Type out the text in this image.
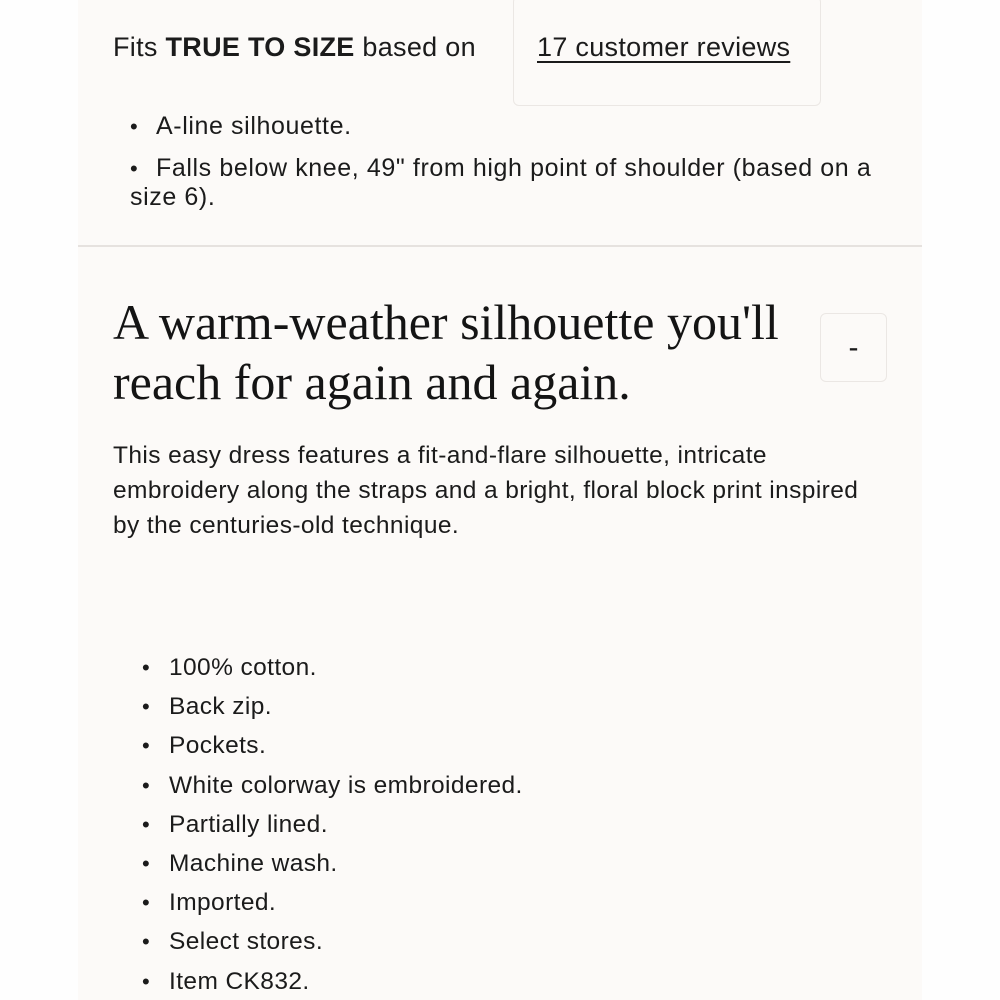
Fits TRUE TO SIZE based on 17 customer reviews
• A-line silhouette.
• Falls below knee, 49" from high point of shoulder (based on a size 6).
A warm-weather silhouette you'll reach for again and again.
-

This easy dress features a fit-and-flare silhouette, intricate embroidery along the straps and a bright, floral block print inspired by the centuries-old technique.

• 100% cotton.
• Back zip.
• Pockets.
• White colorway is embroidered.
• Partially lined.
• Machine wash.
• Imported.
• Select stores.
• Item CK832.
